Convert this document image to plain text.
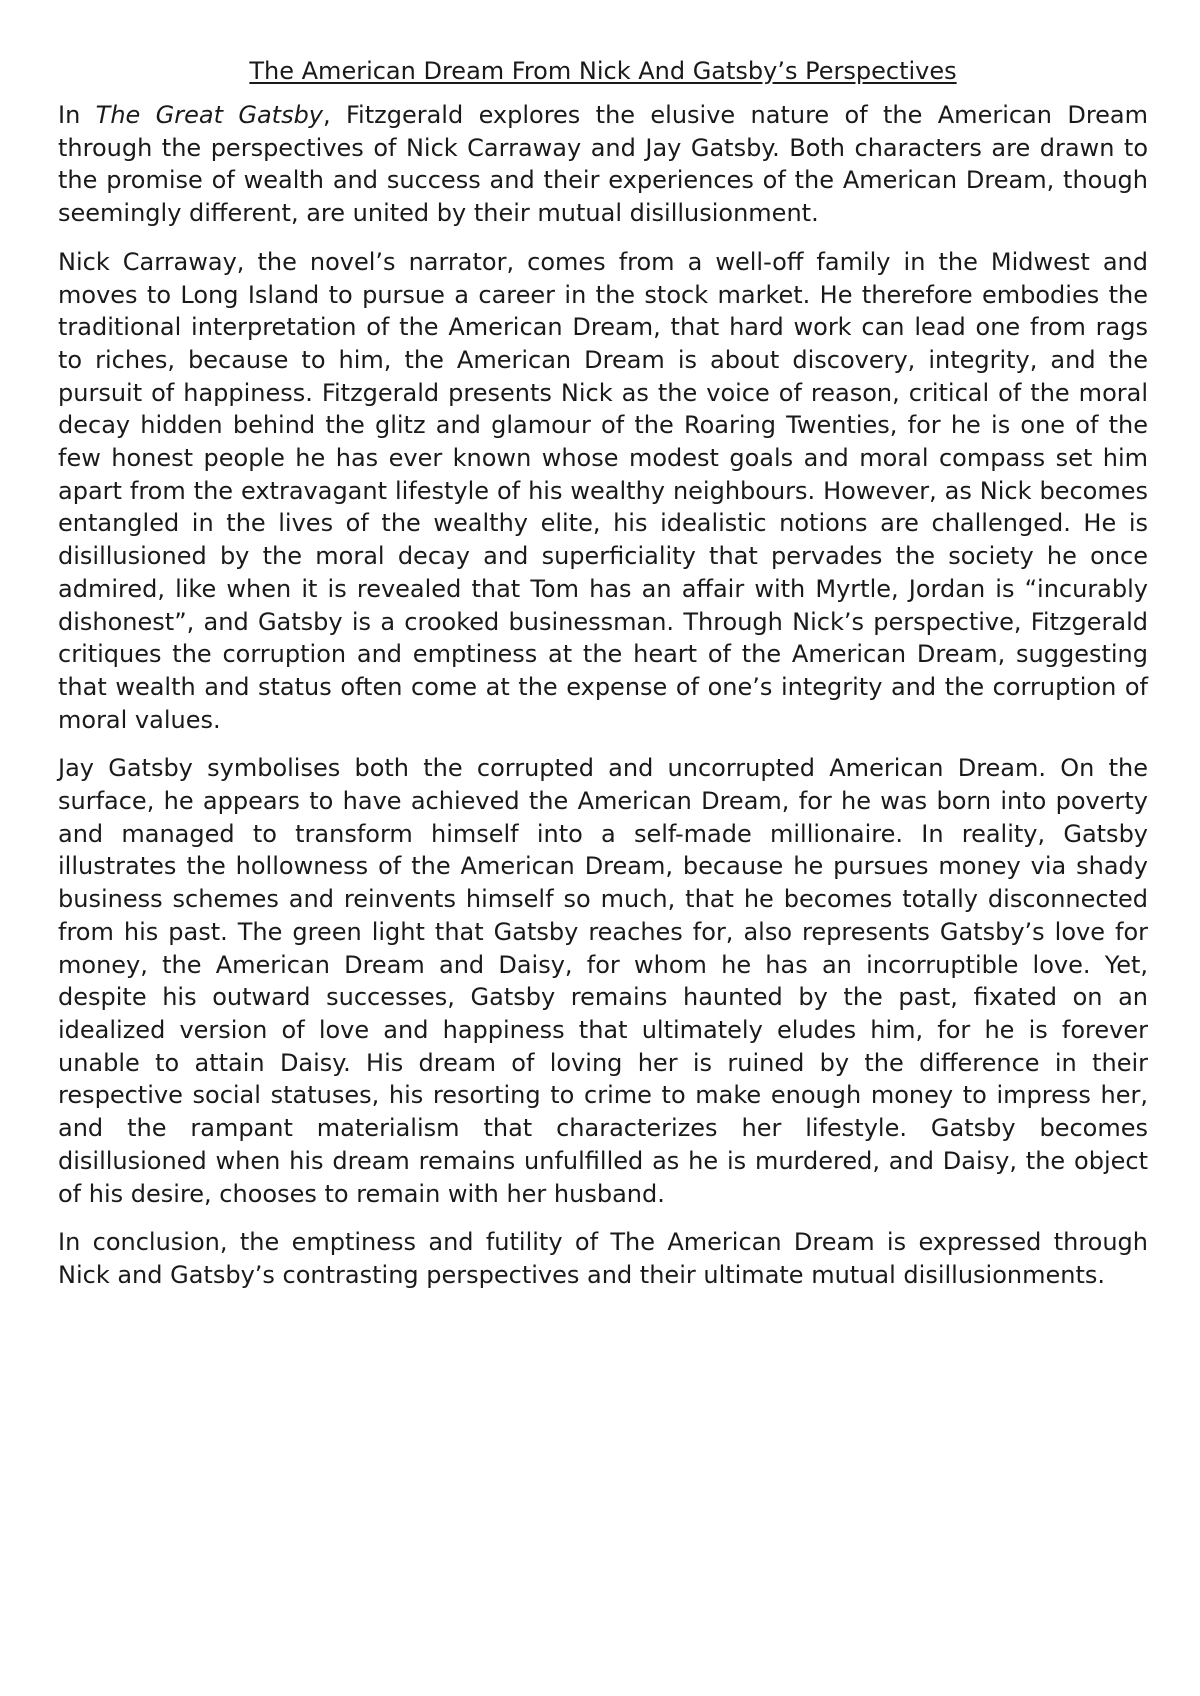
The American Dream From Nick And Gatsby’s Perspectives

In The Great Gatsby, Fitzgerald explores the elusive nature of the American Dream through the perspectives of Nick Carraway and Jay Gatsby. Both characters are drawn to the promise of wealth and success and their experiences of the American Dream, though seemingly different, are united by their mutual disillusionment.

Nick Carraway, the novel’s narrator, comes from a well-off family in the Midwest and moves to Long Island to pursue a career in the stock market. He therefore embodies the traditional interpretation of the American Dream, that hard work can lead one from rags to riches, because to him, the American Dream is about discovery, integrity, and the pursuit of happiness. Fitzgerald presents Nick as the voice of reason, critical of the moral decay hidden behind the glitz and glamour of the Roaring Twenties, for he is one of the few honest people he has ever known whose modest goals and moral compass set him apart from the extravagant lifestyle of his wealthy neighbours. However, as Nick becomes entangled in the lives of the wealthy elite, his idealistic notions are challenged. He is disillusioned by the moral decay and superficiality that pervades the society he once admired, like when it is revealed that Tom has an affair with Myrtle, Jordan is “incurably dishonest”, and Gatsby is a crooked businessman. Through Nick’s perspective, Fitzgerald critiques the corruption and emptiness at the heart of the American Dream, suggesting that wealth and status often come at the expense of one’s integrity and the corruption of moral values.

Jay Gatsby symbolises both the corrupted and uncorrupted American Dream. On the surface, he appears to have achieved the American Dream, for he was born into poverty and managed to transform himself into a self-made millionaire. In reality, Gatsby illustrates the hollowness of the American Dream, because he pursues money via shady business schemes and reinvents himself so much, that he becomes totally disconnected from his past. The green light that Gatsby reaches for, also represents Gatsby’s love for money, the American Dream and Daisy, for whom he has an incorruptible love. Yet, despite his outward successes, Gatsby remains haunted by the past, fixated on an idealized version of love and happiness that ultimately eludes him, for he is forever unable to attain Daisy. His dream of loving her is ruined by the difference in their respective social statuses, his resorting to crime to make enough money to impress her, and the rampant materialism that characterizes her lifestyle. Gatsby becomes disillusioned when his dream remains unfulfilled as he is murdered, and Daisy, the object of his desire, chooses to remain with her husband.

In conclusion, the emptiness and futility of The American Dream is expressed through Nick and Gatsby’s contrasting perspectives and their ultimate mutual disillusionments.
